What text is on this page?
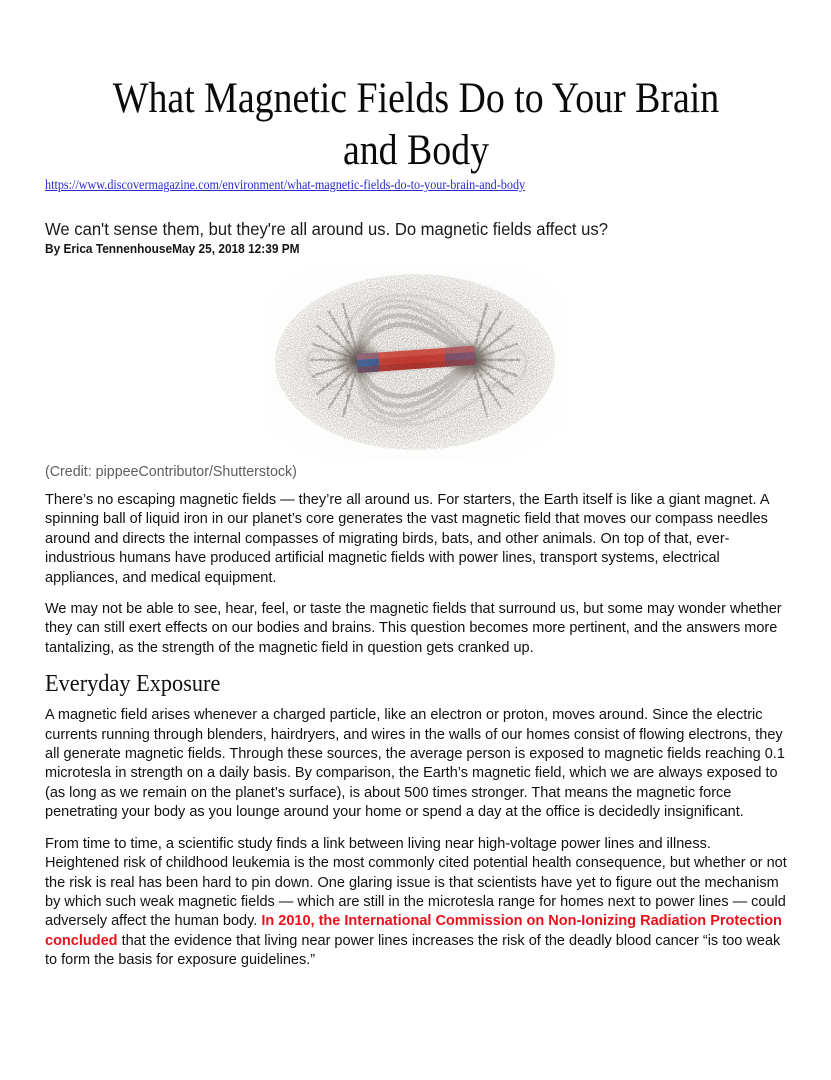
What Magnetic Fields Do to Your Brain and Body
https://www.discovermagazine.com/environment/what-magnetic-fields-do-to-your-brain-and-body
We can't sense them, but they're all around us. Do magnetic fields affect us?
By Erica TennenhouseMay 25, 2018 12:39 PM
(Credit: pippeeContributor/Shutterstock)

There’s no escaping magnetic fields — they’re all around us. For starters, the Earth itself is like a giant magnet. A spinning ball of liquid iron in our planet’s core generates the vast magnetic field that moves our compass needles around and directs the internal compasses of migrating birds, bats, and other animals. On top of that, ever-industrious humans have produced artificial magnetic fields with power lines, transport systems, electrical appliances, and medical equipment.

We may not be able to see, hear, feel, or taste the magnetic fields that surround us, but some may wonder whether they can still exert effects on our bodies and brains. This question becomes more pertinent, and the answers more tantalizing, as the strength of the magnetic field in question gets cranked up.

Everyday Exposure

A magnetic field arises whenever a charged particle, like an electron or proton, moves around. Since the electric currents running through blenders, hairdryers, and wires in the walls of our homes consist of flowing electrons, they all generate magnetic fields. Through these sources, the average person is exposed to magnetic fields reaching 0.1 microtesla in strength on a daily basis. By comparison, the Earth’s magnetic field, which we are always exposed to (as long as we remain on the planet’s surface), is about 500 times stronger. That means the magnetic force penetrating your body as you lounge around your home or spend a day at the office is decidedly insignificant.

From time to time, a scientific study finds a link between living near high-voltage power lines and illness. Heightened risk of childhood leukemia is the most commonly cited potential health consequence, but whether or not the risk is real has been hard to pin down. One glaring issue is that scientists have yet to figure out the mechanism by which such weak magnetic fields — which are still in the microtesla range for homes next to power lines — could adversely affect the human body. In 2010, the International Commission on Non-Ionizing Radiation Protection concluded that the evidence that living near power lines increases the risk of the deadly blood cancer “is too weak to form the basis for exposure guidelines.”
